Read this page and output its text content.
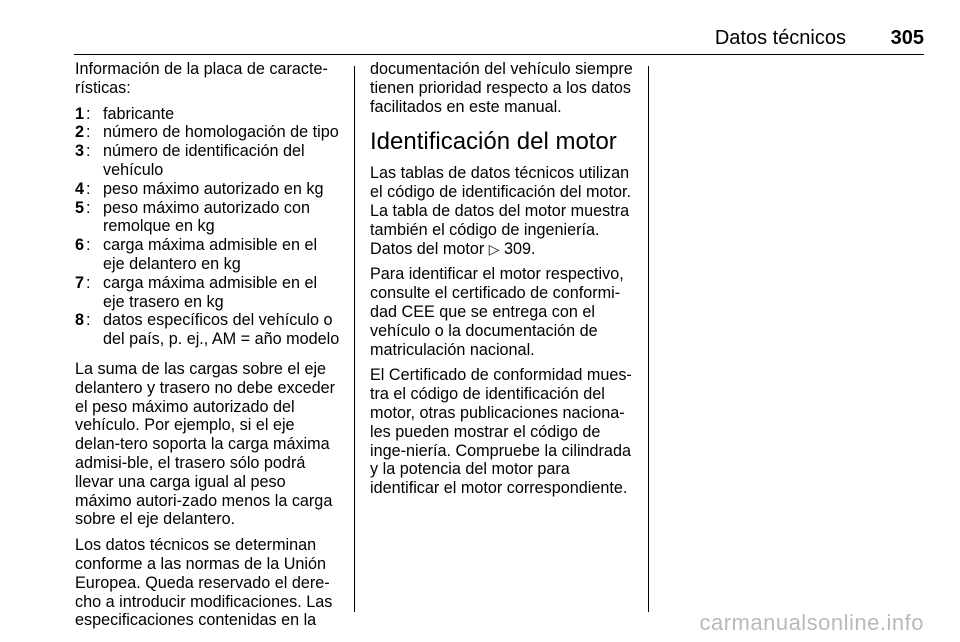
Datos técnicos 305

Información de la placa de caracte-
rísticas:

1 : fabricante
2 : número de homologación de tipo
3 : número de identificación del vehículo
4 : peso máximo autorizado en kg
5 : peso máximo autorizado con remolque en kg
6 : carga máxima admisible en el eje delantero en kg
7 : carga máxima admisible en el eje trasero en kg
8 : datos específicos del vehículo o del país, p. ej., AM = año modelo

La suma de las cargas sobre el eje delantero y trasero no debe exceder el peso máximo autorizado del vehículo. Por ejemplo, si el eje delan-tero soporta la carga máxima admisi-ble, el trasero sólo podrá llevar una carga igual al peso máximo autori-zado menos la carga sobre el eje delantero.

Los datos técnicos se determinan conforme a las normas de la Unión Europea. Queda reservado el dere-cho a introducir modificaciones. Las especificaciones contenidas en la

documentación del vehículo siempre tienen prioridad respecto a los datos facilitados en este manual.

Identificación del motor

Las tablas de datos técnicos utilizan el código de identificación del motor. La tabla de datos del motor muestra también el código de ingeniería. Datos del motor ▷ 309.

Para identificar el motor respectivo, consulte el certificado de conformi-dad CEE que se entrega con el vehículo o la documentación de matriculación nacional.

El Certificado de conformidad mues-tra el código de identificación del motor, otras publicaciones naciona-les pueden mostrar el código de inge-niería. Compruebe la cilindrada y la potencia del motor para identificar el motor correspondiente.

carmanualsonline.info
